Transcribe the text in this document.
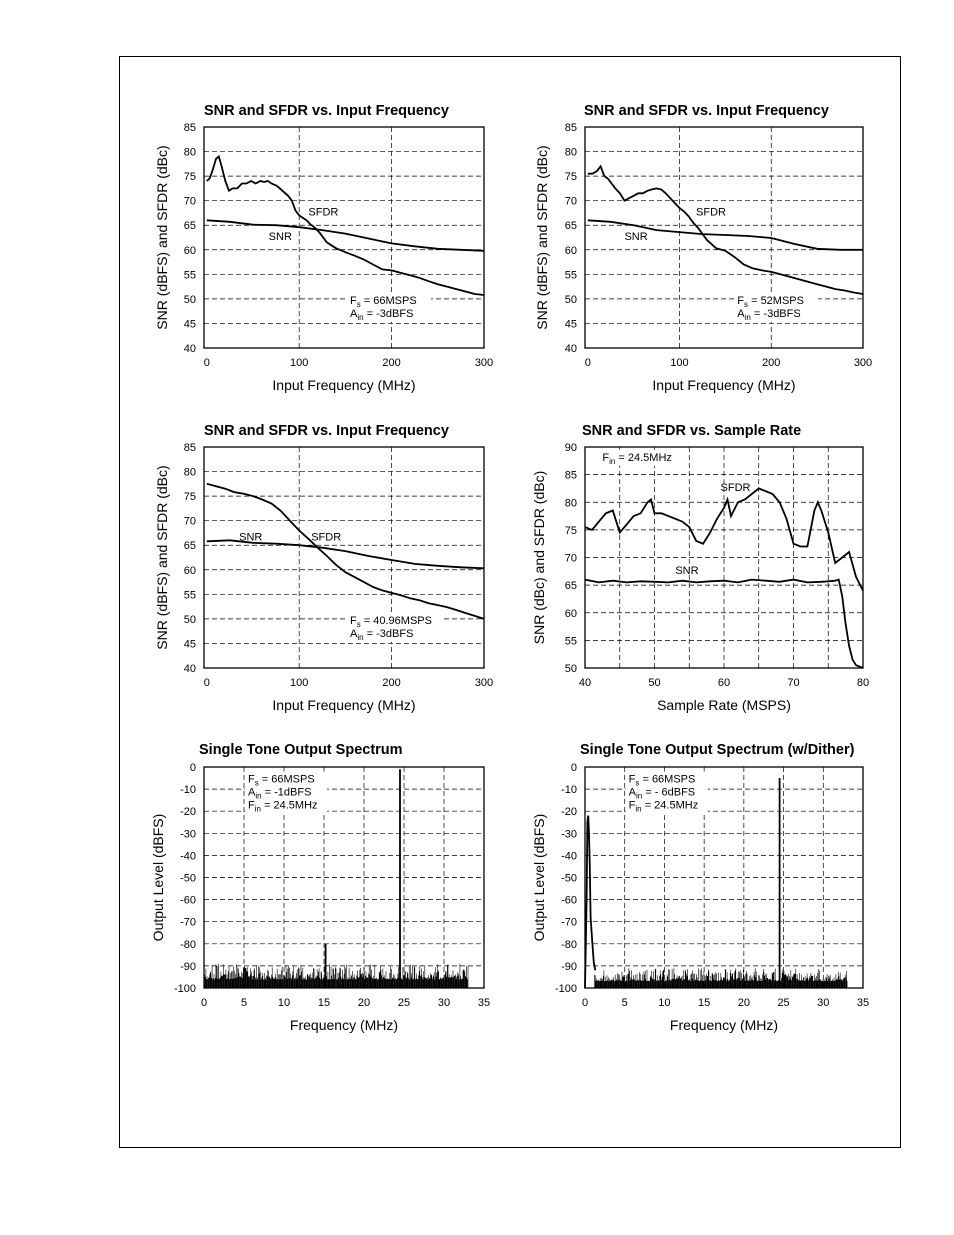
SNR and SFDR vs. Input Frequency
40
45
50
55
60
65
70
75
80
85
0	100	200	300
Input Frequency (MHz)
SNR (dBFS) and SFDR (dBc)	SFDR
SNR
$F_s$ = 66MSPS
$A_{in}$ = -3dBFS
SNR and SFDR vs. Input Frequency
40
45
50
55
60
65
70
75
80
85
0	100	200	300
Input Frequency (MHz)
SNR (dBFS) and SFDR (dBc)	SFDR
SNR
$F_s$ = 52MSPS
$A_{in}$ = -3dBFS
SNR and SFDR vs. Input Frequency
40
45
50
55
60
65
70
75
80
85
0	100	200	300
Input Frequency (MHz)
SNR (dBFS) and SFDR (dBc)	SFDR
SNR
$F_s$ = 40.96MSPS
$A_{in}$ = -3dBFS
SNR and SFDR vs. Sample Rate
50
55
60
65
70
75
80
85
90
40	50	60	70	80
Sample Rate (MSPS)
SNR (dBc) and SFDR (dBc)	SFDR
SNR
$F_{in} = 24.5MHz$
Single Tone Output Spectrum
0
-10
-20
-30
-40
-50
-60
-70
-80
-90
-100
0	5	10	15	20	25	30	35
Frequency (MHz)
Output Level (dBFS)
$F_s$ = 66MSPS
$A_{in}$ = -1dBFS
$F_{in} = 24.5MHz$
Single Tone Output Spectrum (w/Dither)
0
-10
-20
-30
-40
-50
-60
-70
-80
-90
-100
0	5	10 15 20 25 30 35
Frequency (MHz)
Output Level (dBFS)
$F_s$ = 66MSPS
$A_{in}$ = - 6dBFS
$F_{in} = 24.5MHz$
